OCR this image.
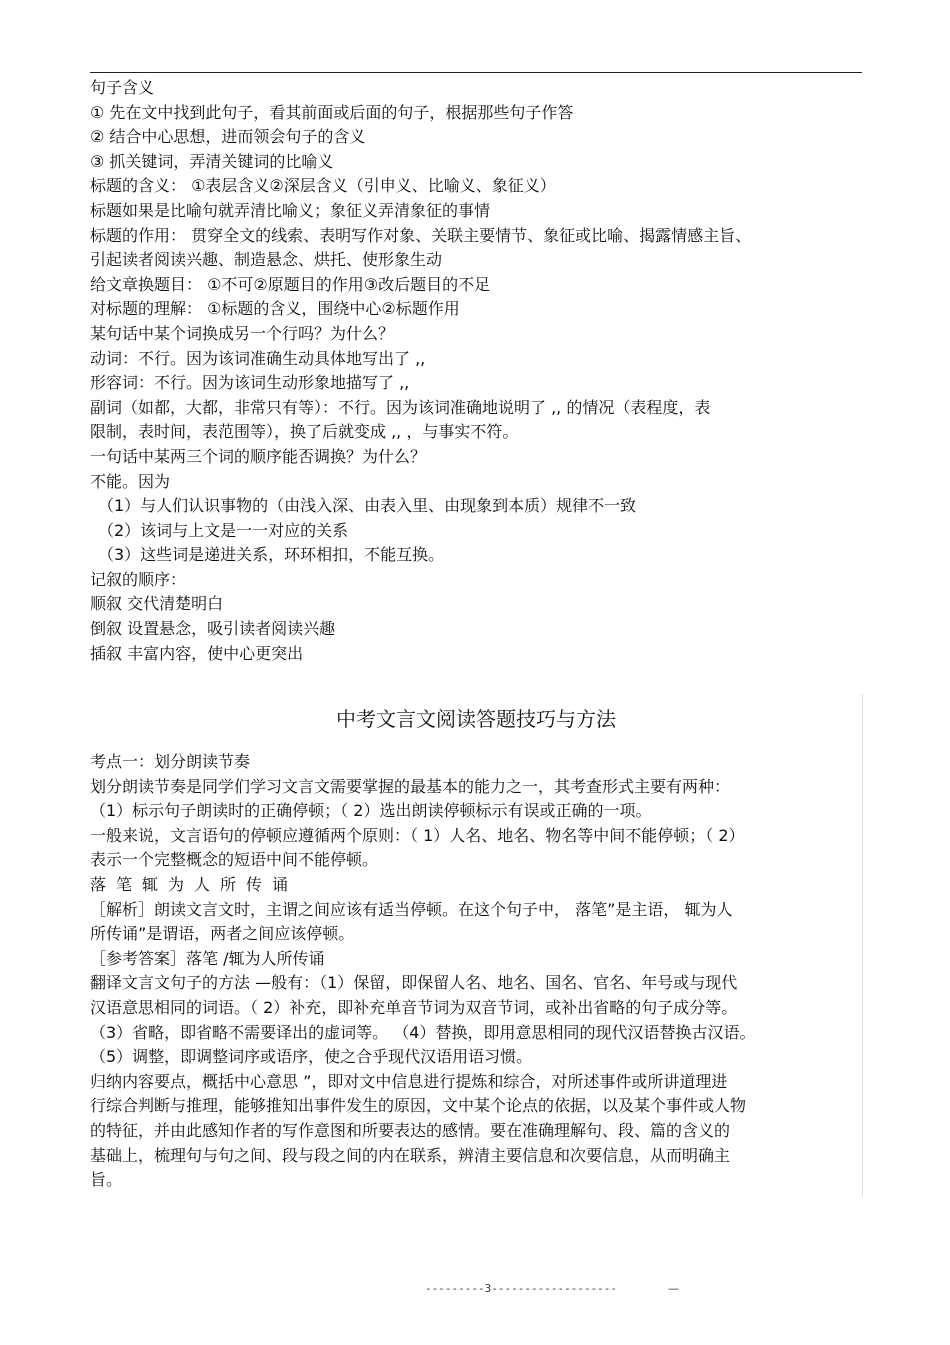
句子含义
① 先在文中找到此句子，看其前面或后面的句子，根据那些句子作答
② 结合中心思想，进而领会句子的含义
③ 抓关键词，弄清关键词的比喻义
标题的含义： ①表层含义②深层含义（引申义、比喻义、象征义）
标题如果是比喻句就弄清比喻义；象征义弄清象征的事情
标题的作用： 贯穿全文的线索、表明写作对象、关联主要情节、象征或比喻、揭露情感主旨、
引起读者阅读兴趣、制造悬念、烘托、使形象生动
给文章换题目： ①不可②原题目的作用③改后题目的不足
对标题的理解： ①标题的含义，围绕中心②标题作用
某句话中某个词换成另一个行吗？为什么？
动词：不行。因为该词准确生动具体地写出了 ,,
形容词：不行。因为该词生动形象地描写了 ,,
副词（如都，大都，非常只有等）：不行。因为该词准确地说明了 ,, 的情况（表程度，表
限制，表时间，表范围等），换了后就变成 ,, ，与事实不符。
一句话中某两三个词的顺序能否调换？为什么？
不能。因为
（1）与人们认识事物的（由浅入深、由表入里、由现象到本质）规律不一致
（2）该词与上文是一一对应的关系
（3）这些词是递进关系，环环相扣，不能互换。
记叙的顺序：
顺叙 交代清楚明白
倒叙 设置悬念，吸引读者阅读兴趣
插叙 丰富内容，使中心更突出
中考文言文阅读答题技巧与方法
考点一：划分朗读节奏
划分朗读节奏是同学们学习文言文需要掌握的最基本的能力之一，其考查形式主要有两种：
（1）标示句子朗读时的正确停顿；（ 2）选出朗读停顿标示有误或正确的一项。
一般来说，文言语句的停顿应遵循两个原则：（ 1）人名、地名、物名等中间不能停顿；（ 2）
表示一个完整概念的短语中间不能停顿。
落笔辄为人所传诵
［解析］朗读文言文时，主谓之间应该有适当停顿。在这个句子中， 落笔”是主语， 辄为人
所传诵”是谓语，两者之间应该停顿。
［参考答案］落笔 /辄为人所传诵
翻译文言文句子的方法 —般有：（1）保留，即保留人名、地名、国名、官名、年号或与现代
汉语意思相同的词语。（ 2）补充，即补充单音节词为双音节词，或补出省略的句子成分等。
（3）省略，即省略不需要译出的虚词等。 （4）替换，即用意思相同的现代汉语替换古汉语。
（5）调整，即调整词序或语序，使之合乎现代汉语用语习惯。
归纳内容要点，概括中心意思 ”，即对文中信息进行提炼和综合，对所述事件或所讲道理进
行综合判断与推理，能够推知出事件发生的原因，文中某个论点的依据，以及某个事件或人物
的特征，并由此感知作者的写作意图和所要表达的感情。要在准确理解句、段、篇的含义的
基础上，梳理句与句之间、段与段之间的内在联系，辨清主要信息和次要信息，从而明确主
旨。
---------3-------------------	—
